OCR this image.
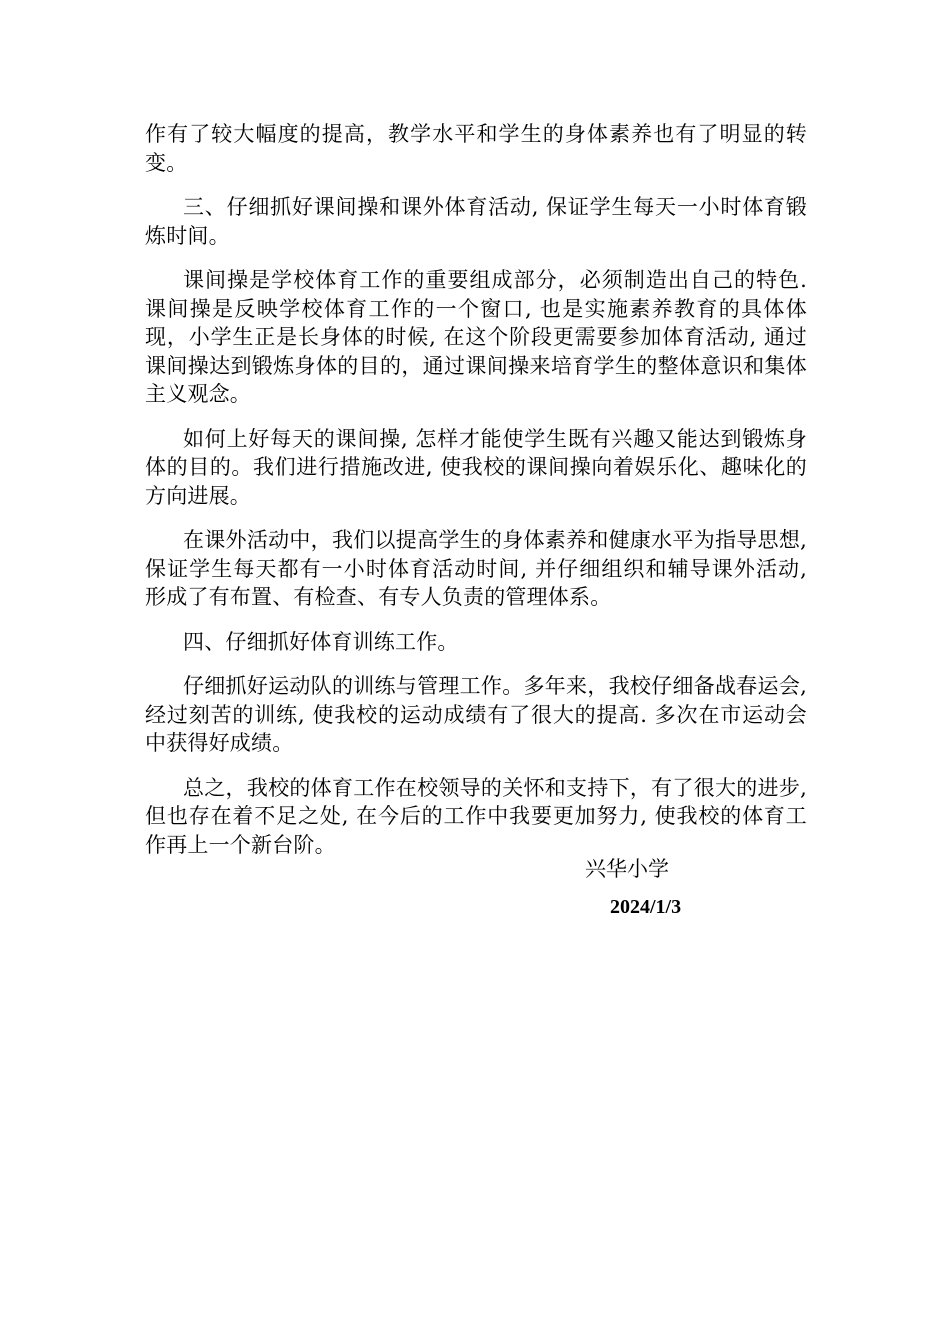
作有了较大幅度的提高，教学水平和学生的身体素养也有了明显的转变。

三、仔细抓好课间操和课外体育活动, 保证学生每天一小时体育锻炼时间。

课间操是学校体育工作的重要组成部分，必须制造出自己的特色. 课间操是反映学校体育工作的一个窗口, 也是实施素养教育的具体体现，小学生正是长身体的时候, 在这个阶段更需要参加体育活动, 通过课间操达到锻炼身体的目的，通过课间操来培育学生的整体意识和集体主义观念。

如何上好每天的课间操, 怎样才能使学生既有兴趣又能达到锻炼身体的目的。我们进行措施改进, 使我校的课间操向着娱乐化、趣味化的方向进展。

在课外活动中，我们以提高学生的身体素养和健康水平为指导思想, 保证学生每天都有一小时体育活动时间, 并仔细组织和辅导课外活动, 形成了有布置、有检查、有专人负责的管理体系。

四、仔细抓好体育训练工作。

仔细抓好运动队的训练与管理工作。多年来，我校仔细备战春运会, 经过刻苦的训练, 使我校的运动成绩有了很大的提高. 多次在市运动会中获得好成绩。

总之，我校的体育工作在校领导的关怀和支持下，有了很大的进步, 但也存在着不足之处, 在今后的工作中我要更加努力, 使我校的体育工作再上一个新台阶。

兴华小学

2024/1/3
